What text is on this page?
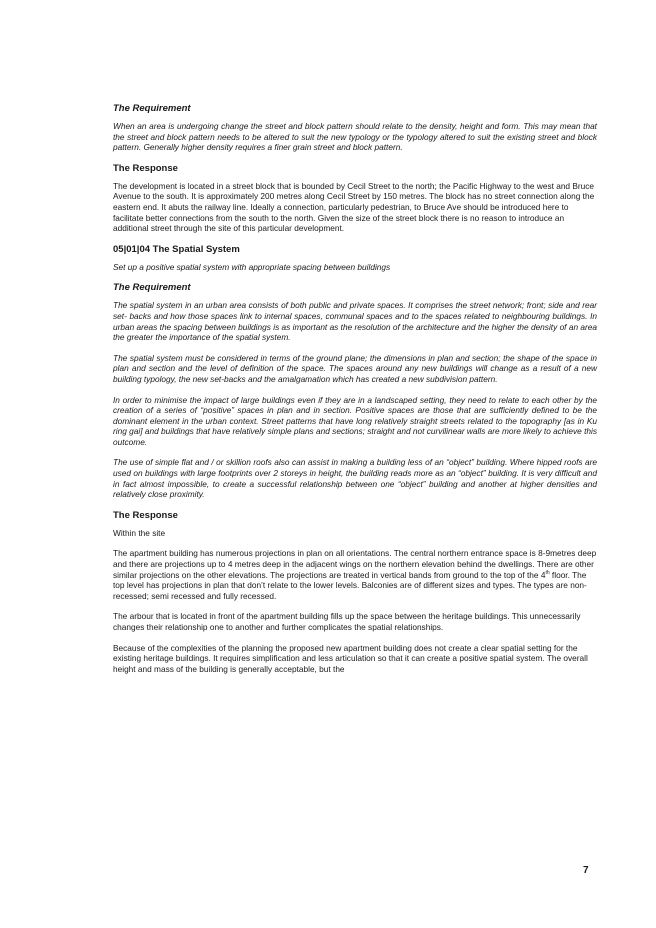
The Requirement

When an area is undergoing change the street and block pattern should relate to the density, height and form. This may mean that the street and block pattern needs to be altered to suit the new typology or the typology altered to suit the existing street and block pattern. Generally higher density requires a finer grain street and block pattern.

The Response

The development is located in a street block that is bounded by Cecil Street to the north; the Pacific Highway to the west and Bruce Avenue to the south. It is approximately 200 metres along Cecil Street by 150 metres. The block has no street connection along the eastern end. It abuts the railway line. Ideally a connection, particularly pedestrian, to Bruce Ave should be introduced here to facilitate better connections from the south to the north. Given the size of the street block there is no reason to introduce an additional street through the site of this particular development.

05|01|04 The Spatial System

Set up a positive spatial system with appropriate spacing between buildings

The Requirement

The spatial system in an urban area consists of both public and private spaces. It comprises the street network; front; side and rear set- backs and how those spaces link to internal spaces, communal spaces and to the spaces related to neighbouring buildings. In urban areas the spacing between buildings is as important as the resolution of the architecture and the higher the density of an area the greater the importance of the spatial system.

The spatial system must be considered in terms of the ground plane; the dimensions in plan and section; the shape of the space in plan and section and the level of definition of the space. The spaces around any new buildings will change as a result of a new building typology, the new set-backs and the amalgamation which has created a new subdivision pattern.

In order to minimise the impact of large buildings even if they are in a landscaped setting, they need to relate to each other by the creation of a series of “positive” spaces in plan and in section. Positive spaces are those that are sufficiently defined to be the dominant element in the urban context. Street patterns that have long relatively straight streets related to the topography [as in Ku ring gai] and buildings that have relatively simple plans and sections; straight and not curvilinear walls are more likely to achieve this outcome.

The use of simple flat and / or skillion roofs also can assist in making a building less of an “object” building. Where hipped roofs are used on buildings with large footprints over 2 storeys in height, the building reads more as an “object” building. It is very difficult and in fact almost impossible, to create a successful relationship between one “object” building and another at higher densities and relatively close proximity.

The Response

Within the site

The apartment building has numerous projections in plan on all orientations. The central northern entrance space is 8-9metres deep and there are projections up to 4 metres deep in the adjacent wings on the northern elevation behind the dwellings. There are other similar projections on the other elevations. The projections are treated in vertical bands from ground to the top of the 4th floor. The top level has projections in plan that don’t relate to the lower levels. Balconies are of different sizes and types. The types are non-recessed; semi recessed and fully recessed.

The arbour that is located in front of the apartment building fills up the space between the heritage buildings. This unnecessarily changes their relationship one to another and further complicates the spatial relationships.

Because of the complexities of the planning the proposed new apartment building does not create a clear spatial setting for the existing heritage buildings. It requires simplification and less articulation so that it can create a positive spatial system. The overall height and mass of the building is generally acceptable, but the

7
